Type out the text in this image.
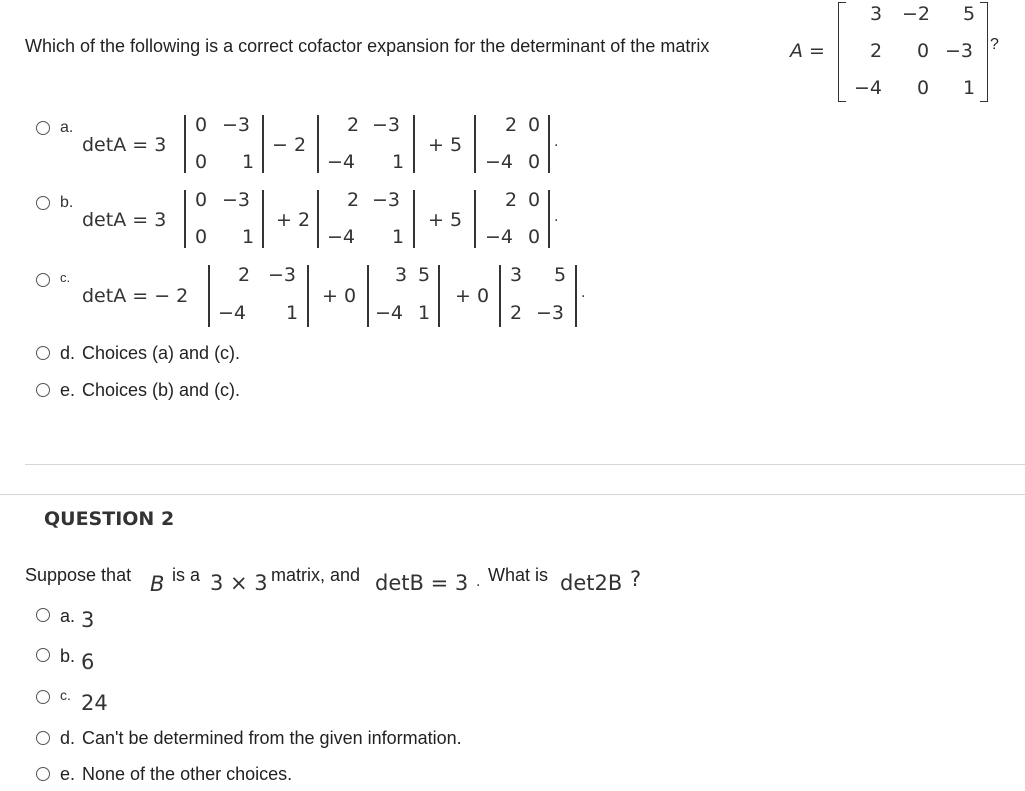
Which of the following is a correct cofactor expansion for the determinant of the matrix	A =
3 −2 5
2 0 −3
−4 0 1
?
a.
detA = 3
0 −3
0 1
− 2
2 −3
−4 1
+ 5
2 0
−4 0
.
b.
detA = 3
0 −3
0 1
+ 2
2 −3
−4 1
+ 5
2 0
−4 0
.
c.
detA = − 2
2 −3
−4 1
+ 0
3 5
−4 1
+ 0
3 5
2 −3
.
d. Choices (a) and (c).
e. Choices (b) and (c).
QUESTION 2
Suppose that B is a 3 × 3 matrix, and detB = 3 . What is det2B ?
a. 3
b. 6
c. 24
d. Can't be determined from the given information.
e. None of the other choices.
